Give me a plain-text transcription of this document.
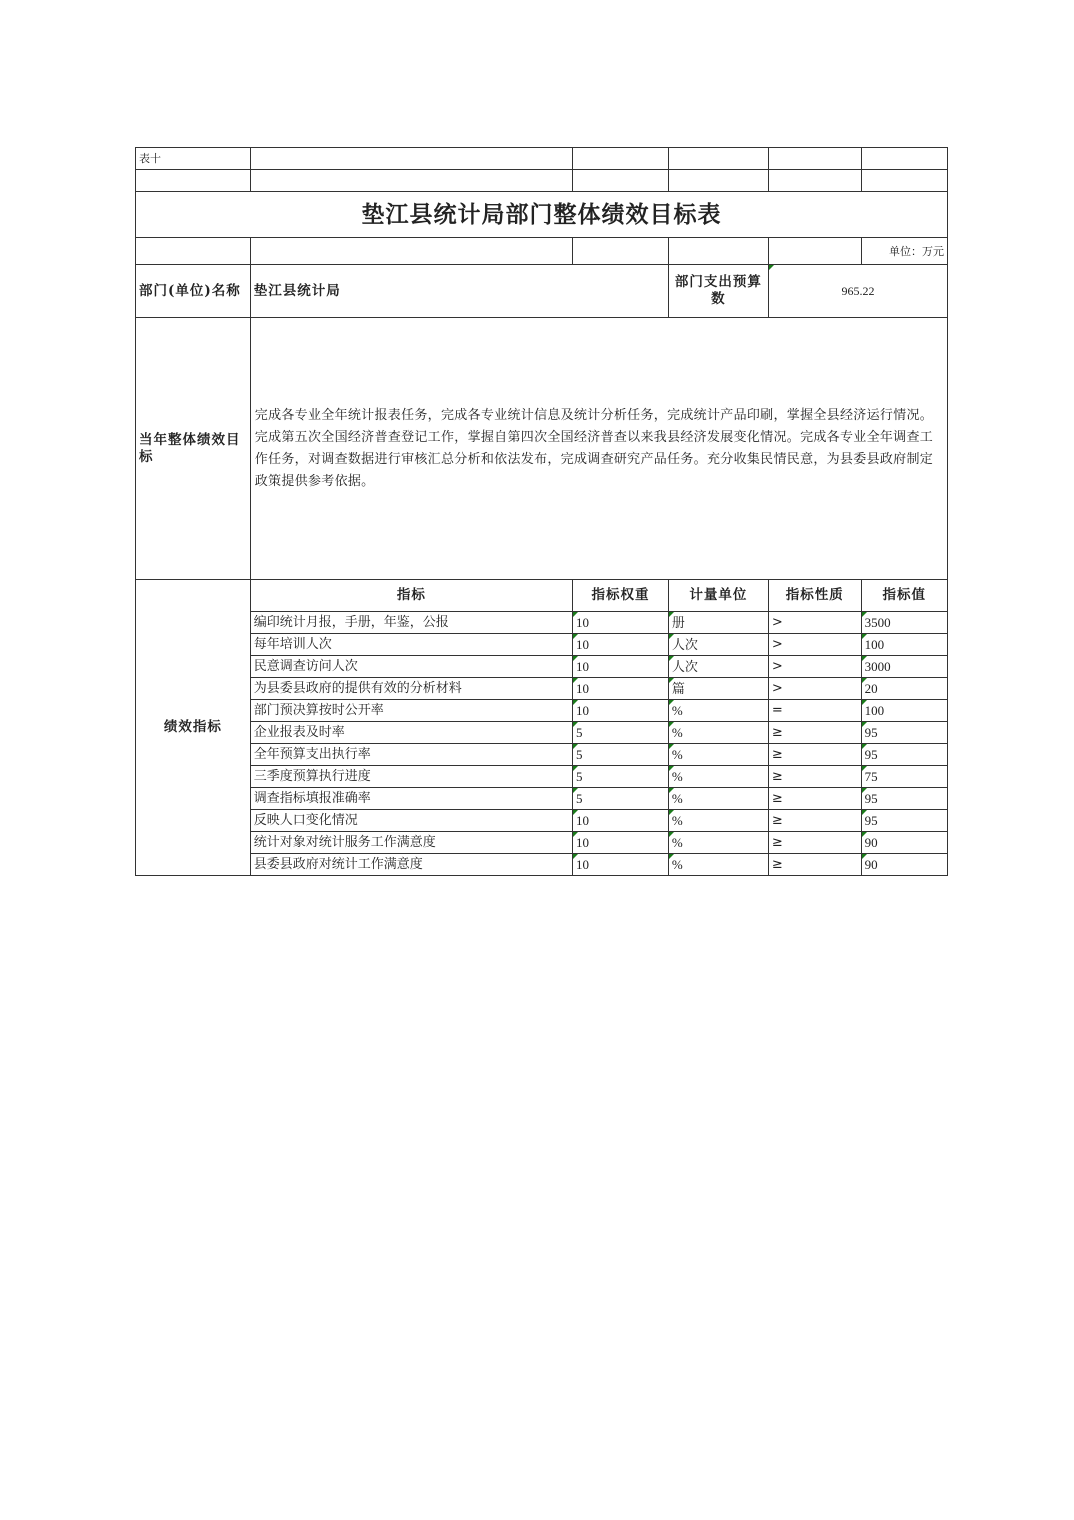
表十					

垫江县统计局部门整体绩效目标表					
					单位：万元
部门(单位)名称	垫江县统计局		部门支出预算数	965.22	
当年整体绩效目标	完成各专业全年统计报表任务，完成各专业统计信息及统计分析任务，完成统计产品印刷，掌握全县经济运行情况。完成第五次全国经济普查登记工作，掌握自第四次全国经济普查以来我县经济发展变化情况。完成各专业全年调查工作任务，对调查数据进行审核汇总分析和依法发布，完成调查研究产品任务。充分收集民情民意，为县委县政府制定政策提供参考依据。				
绩效指标	指标	指标权重	计量单位	指标性质	指标值
	编印统计月报，手册，年鉴，公报	10	册	>	3500
	每年培训人次	10	人次	>	100
	民意调查访问人次	10	人次	>	3000
	为县委县政府的提供有效的分析材料	10	篇	>	20
	部门预决算按时公开率	10	%	=	100
	企业报表及时率	5	%	≥	95
	全年预算支出执行率	5	%	≥	95
	三季度预算执行进度	5	%	≥	75
	调查指标填报准确率	5	%	≥	95
	反映人口变化情况	10	%	≥	95
	统计对象对统计服务工作满意度	10	%	≥	90
	县委县政府对统计工作满意度	10	%	≥	90
